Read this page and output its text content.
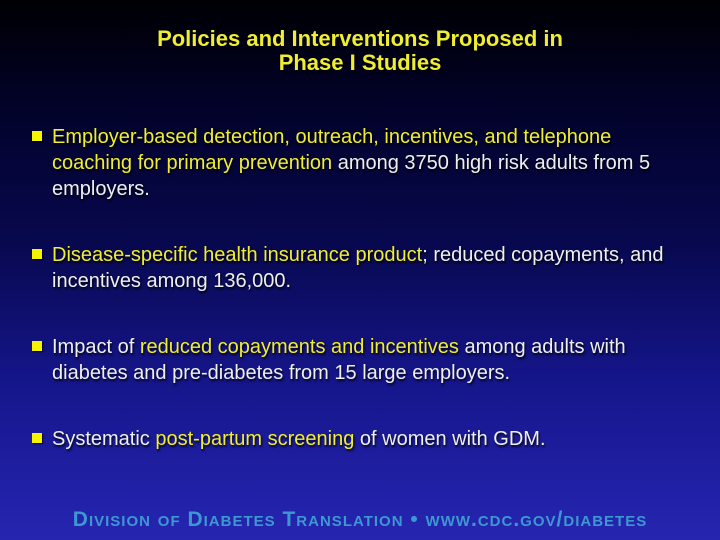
Policies and Interventions Proposed in
Phase I Studies

Employer-based detection, outreach, incentives, and telephone coaching for primary prevention among 3750 high risk adults from 5 employers.

Disease-specific health insurance product; reduced copayments, and incentives among 136,000.

Impact of reduced copayments and incentives among adults with diabetes and pre-diabetes from 15 large employers.

Systematic post-partum screening of women with GDM.

Division of Diabetes Translation • www.cdc.gov/diabetes
